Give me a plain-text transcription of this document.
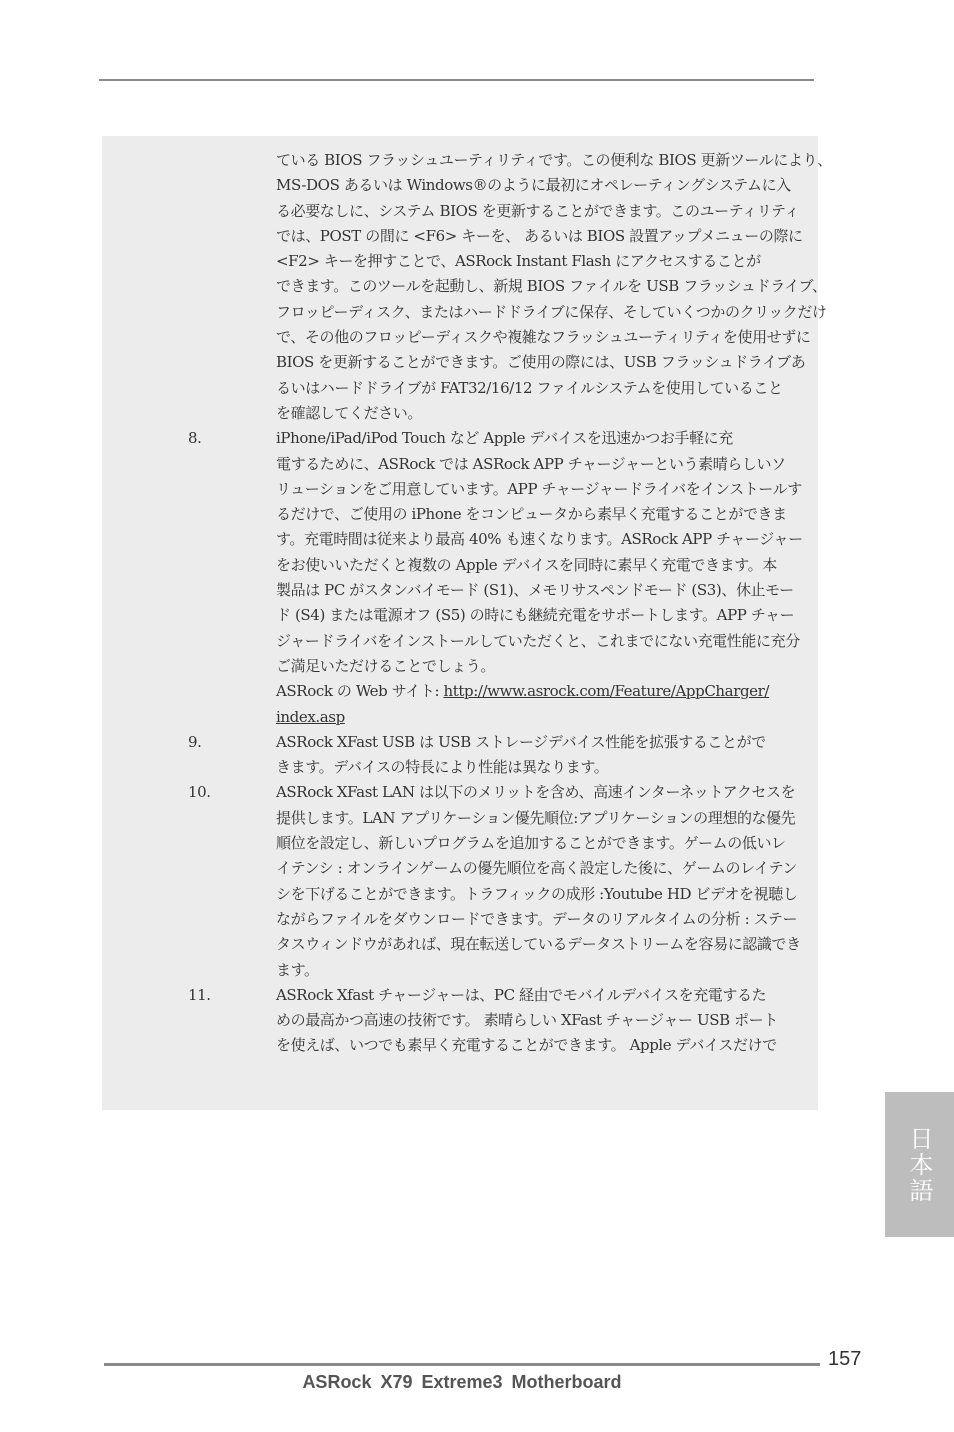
ている BIOS フラッシュユーティリティです。この便利な BIOS 更新ツールにより、
MS-DOS あるいは Windows®のように最初にオペレーティングシステムに入
る必要なしに、システム BIOS を更新することができます。このユーティリティ
では、POST の間に <F6> キーを、 あるいは BIOS 設置アップメニューの際に
<F2> キーを押すことで、ASRock Instant Flash にアクセスすることが
できます。このツールを起動し、新規 BIOS ファイルを USB フラッシュドライブ、
フロッピーディスク、またはハードドライブに保存、そしていくつかのクリックだけ
で、その他のフロッピーディスクや複雑なフラッシュユーティリティを使用せずに
BIOS を更新することができます。ご使用の際には、USB フラッシュドライブあ
るいはハードドライブが FAT32/16/12 ファイルシステムを使用していること
を確認してください。
8.	iPhone/iPad/iPod Touch など Apple デバイスを迅速かつお手軽に充
電するために、ASRock では ASRock APP チャージャーという素晴らしいソ
リューションをご用意しています。APP チャージャードライバをインストールす
るだけで、ご使用の iPhone をコンピュータから素早く充電することができま
す。充電時間は従来より最高 40% も速くなります。ASRock APP チャージャー
をお使いいただくと複数の Apple デバイスを同時に素早く充電できます。本
製品は PC がスタンバイモード (S1)、メモリサスペンドモード (S3)、休止モー
ド (S4) または電源オフ (S5) の時にも継続充電をサポートします。APP チャー
ジャードライバをインストールしていただくと、これまでにない充電性能に充分
ご満足いただけることでしょう。
ASRock の Web サイト: http://www.asrock.com/Feature/AppCharger/
index.asp
9.	ASRock XFast USB は USB ストレージデバイス性能を拡張することがで
きます。デバイスの特長により性能は異なります。
10.	ASRock XFast LAN は以下のメリットを含め、高速インターネットアクセスを
提供します。LAN アプリケーション優先順位:アプリケーションの理想的な優先
順位を設定し、新しいプログラムを追加することができます。ゲームの低いレ
イテンシ : オンラインゲームの優先順位を高く設定した後に、ゲームのレイテン
シを下げることができます。トラフィックの成形 :Youtube HD ビデオを視聴し
ながらファイルをダウンロードできます。データのリアルタイムの分析 : ステー
タスウィンドウがあれば、現在転送しているデータストリームを容易に認識でき
ます。
11.	ASRock Xfast チャージャーは、PC 経由でモバイルデバイスを充電するた
めの最高かつ高速の技術です。 素晴らしい XFast チャージャー USB ポート
を使えば、いつでも素早く充電することができます。 Apple デバイスだけで
日本語
157
ASRock X79 Extreme3 Motherboard
